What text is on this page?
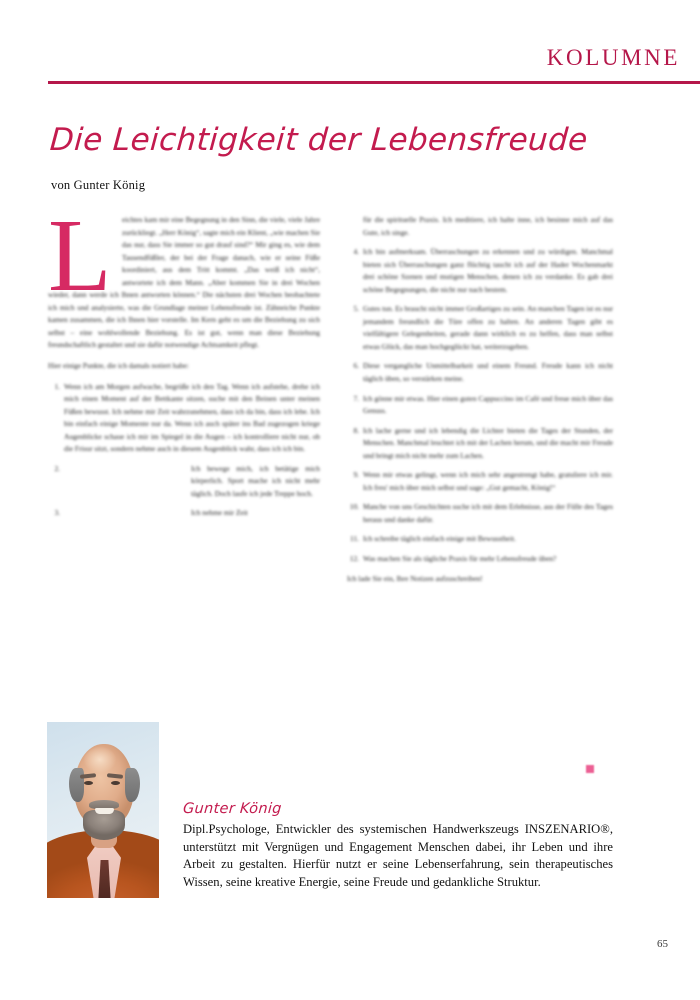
KOLUMNE
Die Leichtigkeit der Lebensfreude
von Gunter König
L	eichtes kam mir eine Begegnung in den Sinn, die viele, viele Jahre zurückliegt. „Herr König“, sagte mich ein Klient, „wie machen Sie das nur, dass Sie immer so gut drauf sind?“ Mir ging es, wie dem Tausendfüßler, der bei der Frage danach, wie er seine Füße koordiniert, aus dem Tritt kommt. „Das weiß ich nicht“, antwortete ich dem Mann. „Aber kommen Sie in drei Wochen wieder, dann werde ich Ihnen antworten können.“ Die nächsten drei Wochen beobachtete ich mich und analysierte, was die Grundlage meiner Lebensfreude ist. Zähneiche Punkte kamen zusammen, die ich Ihnen hier vorstelle. Im Kern geht es um die Beziehung zu sich selbst – eine wohlwollende Beziehung. Es ist gut, wenn man diese Beziehung freundschaftlich gestaltet und sie dafür notwendige Achtsamkeit pflegt.

Hier einige Punkte, die ich damals notiert habe:

1. Wenn ich am Morgen aufwache, begrüße ich den Tag. Wenn ich aufstehe, drehe ich mich einen Moment auf der Bettkante sitzen, suche mit den Beinen unter meinen Füßen bewusst. Ich nehme mir Zeit wahrzunehmen, dass ich da bin, dass ich lebe. Ich bin einfach einige Momente nur da. Wenn ich auch später ins Bad zugezogen kriege Augenblicke schaue ich mir im Spiegel in die Augen – ich kontrolliere nicht nur, ob die Frisur sitzt, sondern nehme auch in diesem Augenblick wahr, dass ich ich bin.
2.	Ich bewege mich, ich betätige mich körperlich. Sport mache ich nicht mehr täglich. Doch laufe ich jede Treppe hoch.
3.	Ich nehme mir Zeit

für die spirituelle Praxis. Ich meditiere, ich halte inne, ich besinne mich auf das Gute, ich singe.
4. Ich bin aufmerksam. Überraschungen zu erkennen und zu würdigen. Manchmal bieten sich Überraschungen ganz flüchtig taucht ich auf der Hader Wochenmarkt drei schöne Szenen und mutigen Menschen, denen ich zu verdanke. Es gab drei schöne Begegnungen, die nicht nur nach bestem.
5. Gutes tun. Es braucht nicht immer Großartiges zu sein. An manchen Tagen ist es nur jemandem freundlich die Türe offen zu halten. An anderen Tagen gibt es vielfältigere Gelegenheiten, gerade dann wirklich es zu helfen, dass man selbst etwas Glück, das man hochgeglückt hat, weiterzugeben.
6. Diese vergangliche Unmittelbarkeit und einem Freund. Freude kann ich nicht täglich üben, so verstärken meine.
7. Ich gönne mir etwas. Hier einen guten Cappuccino im Café und freue mich über das Genuss.
8. Ich lache gerne und ich lebendig die Lichter bieten die Tages der Stunden, der Menschen. Manchmal leuchtet ich mit der Lachen herum, und die macht mir Freude und bringt mich nicht mehr zum Lachen.
9. Wenn mir etwas gelingt, wenn ich mich sehr angestrengt habe, gratuliere ich mir. Ich freu' mich über mich selbst und sage: „Gut gemacht, König!“
10. Manche von uns Geschichten suche ich mit dem Erlebnisse, aus der Fülle des Tages heraus und danke dafür.
11. Ich schreibe täglich einfach einige mit Bewusstheit.
12. Was machen Sie als tägliche Praxis für mehr Lebensfreude üben?

Ich lade Sie ein, Ihre Notizen aufzuschreiben!

Gunter König

Dipl.Psychologe, Entwickler des systemischen Handwerkszeugs INSZENARIO®, unterstützt mit Vergnügen und Engagement Menschen dabei, ihr Leben und ihre Arbeit zu gestalten. Hierfür nutzt er seine Lebenserfahrung, sein therapeutisches Wissen, seine kreative Energie, seine Freude und gedankliche Struktur.

65
